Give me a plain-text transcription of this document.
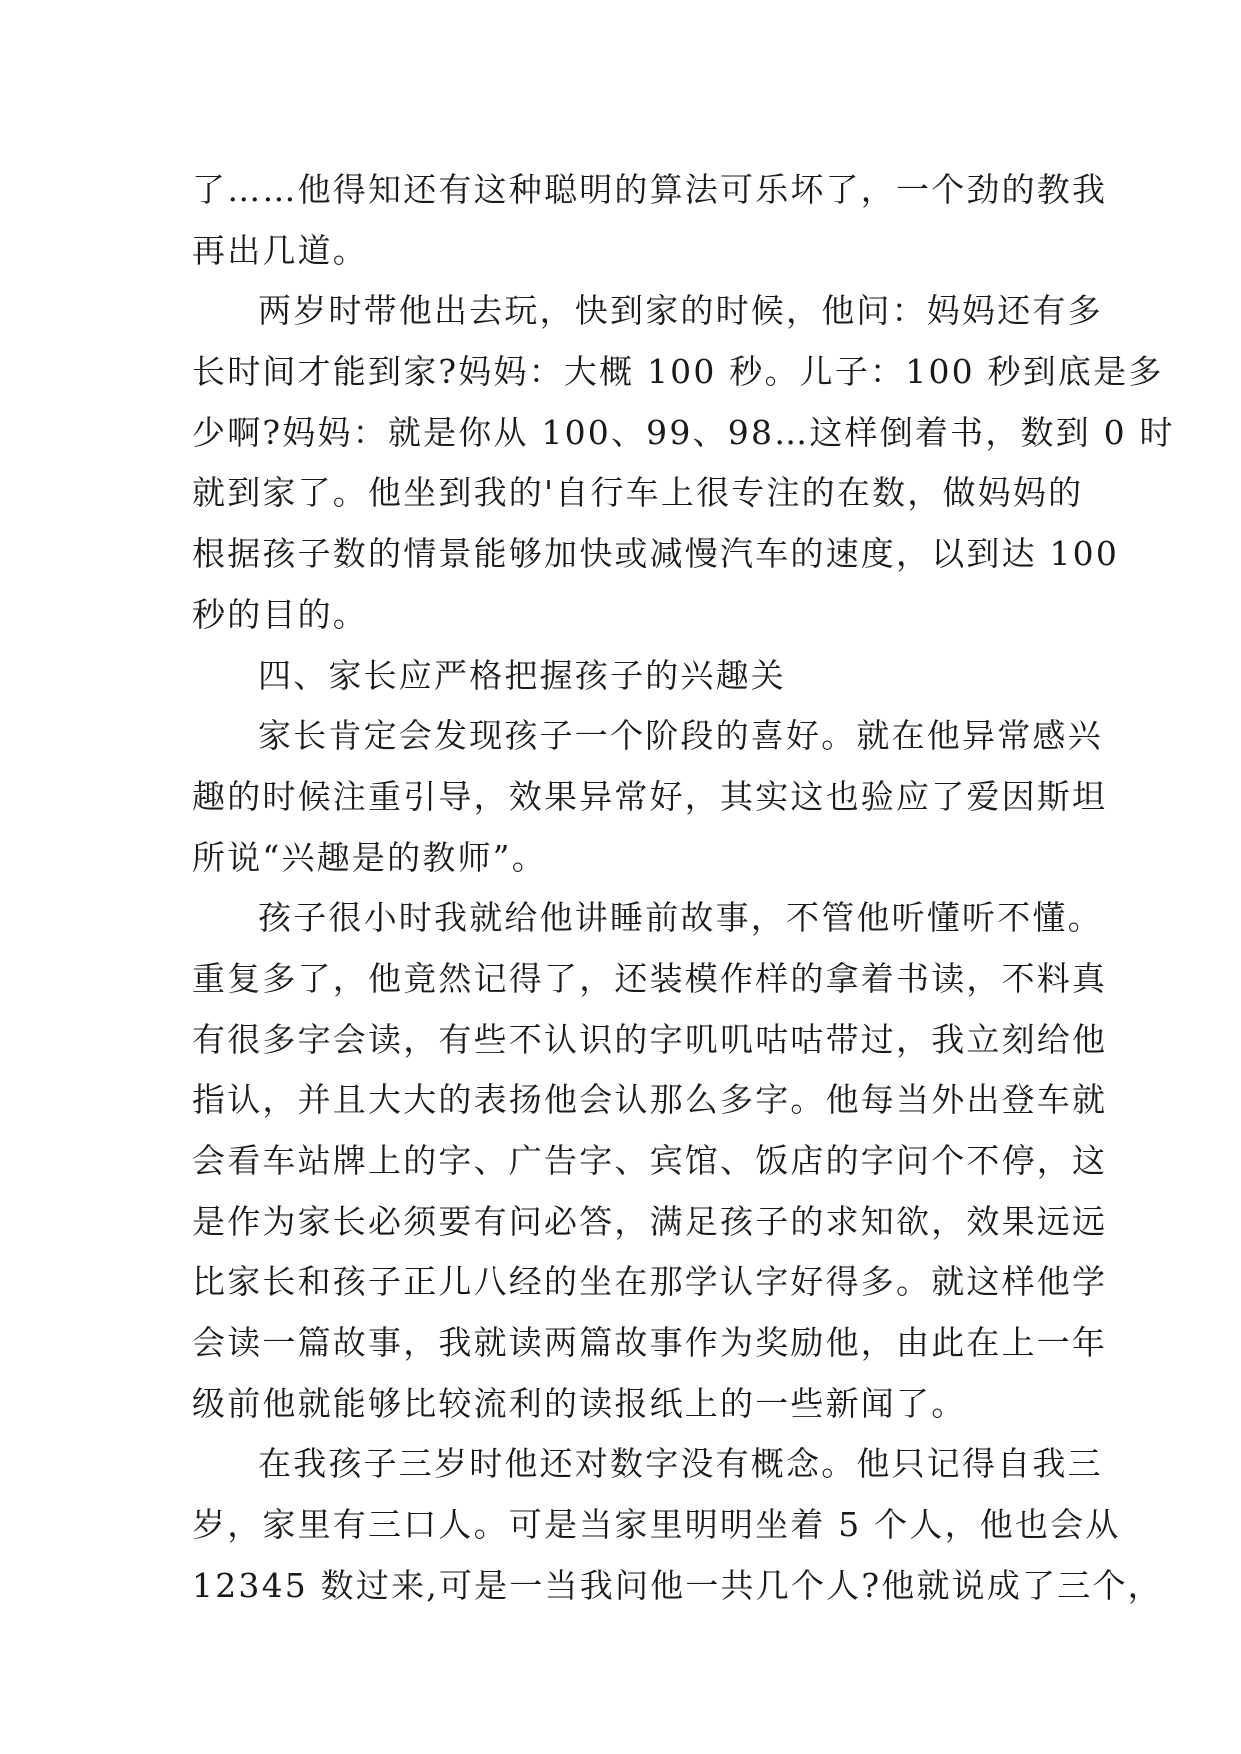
了……他得知还有这种聪明的算法可乐坏了，一个劲的教我
再出几道。
两岁时带他出去玩，快到家的时候，他问：妈妈还有多
长时间才能到家?妈妈：大概 100 秒。儿子：100 秒到底是多
少啊?妈妈：就是你从 100、99、98…这样倒着书，数到 0 时
就到家了。他坐到我的'自行车上很专注的在数，做妈妈的
根据孩子数的情景能够加快或减慢汽车的速度，以到达 100
秒的目的。
四、家长应严格把握孩子的兴趣关
家长肯定会发现孩子一个阶段的喜好。就在他异常感兴
趣的时候注重引导，效果异常好，其实这也验应了爱因斯坦
所说“兴趣是的教师”。
孩子很小时我就给他讲睡前故事，不管他听懂听不懂。
重复多了，他竟然记得了，还装模作样的拿着书读，不料真
有很多字会读，有些不认识的字叽叽咕咕带过，我立刻给他
指认，并且大大的表扬他会认那么多字。他每当外出登车就
会看车站牌上的字、广告字、宾馆、饭店的字问个不停，这
是作为家长必须要有问必答，满足孩子的求知欲，效果远远
比家长和孩子正儿八经的坐在那学认字好得多。就这样他学
会读一篇故事，我就读两篇故事作为奖励他，由此在上一年
级前他就能够比较流利的读报纸上的一些新闻了。
在我孩子三岁时他还对数字没有概念。他只记得自我三
岁，家里有三口人。可是当家里明明坐着 5 个人，他也会从
12345 数过来,可是一当我问他一共几个人?他就说成了三个，
